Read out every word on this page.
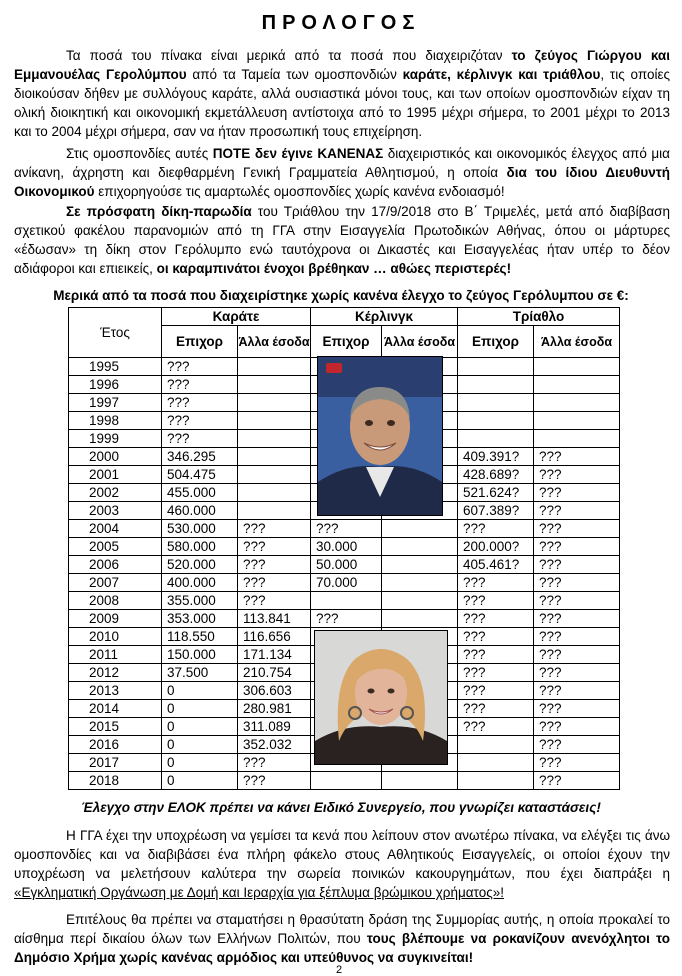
ΠΡΟΛΟΓΟΣ
Τα ποσά του πίνακα είναι μερικά από τα ποσά που διαχειριζόταν το ζεύγος Γιώργου και Εμμανουέλας Γερολύμπου από τα Ταμεία των ομοσπονδιών καράτε, κέρλινγκ και τριάθλου, τις οποίες διοικούσαν δήθεν με συλλόγους καράτε, αλλά ουσιαστικά μόνοι τους, και των οποίων ομοσπονδιών είχαν τη ολική διοικητική και οικονομική εκμετάλλευση αντίστοιχα από το 1995 μέχρι σήμερα, το 2001 μέχρι το 2013 και το 2004 μέχρι σήμερα, σαν να ήταν προσωπική τους επιχείρηση.
Στις ομοσπονδίες αυτές ΠΟΤΕ δεν έγινε ΚΑΝΕΝΑΣ διαχειριστικός και οικονομικός έλεγχος από μια ανίκανη, άχρηστη και διεφθαρμένη Γενική Γραμματεία Αθλητισμού, η οποία δια του ίδιου Διευθυντή Οικονομικού επιχορηγούσε τις αμαρτωλές ομοσπονδίες χωρίς κανένα ενδοιασμό!
Σε πρόσφατη δίκη-παρωδία του Τριάθλου την 17/9/2018 στο Β΄ Τριμελές, μετά από διαβίβαση σχετικού φακέλου παρανομιών από τη ΓΓΑ στην Εισαγγελία Πρωτοδικών Αθήνας, όπου οι μάρτυρες «έδωσαν» τη δίκη στον Γερόλυμπο ενώ ταυτόχρονα οι Δικαστές και Εισαγγελέας ήταν υπέρ το δέον αδιάφοροι και επιεικείς, οι καραμπινάτοι ένοχοι βρέθηκαν … αθώες περιστερές!
Μερικά από τα ποσά που διαχειρίστηκε χωρίς κανένα έλεγχο το ζεύγος Γερόλυμπου σε €:
Έτος	Καράτε		Κέρλινγκ		Τρίαθλο	
	Επιχορ	Άλλα έσοδα	Επιχορ	Άλλα έσοδα	Επιχορ	Άλλα έσοδα
1995	???					
1996	???					
1997	???					
1998	???					
1999	???					
2000	346.295				409.391?	???
2001	504.475				428.689?	???
2002	455.000				521.624?	???
2003	460.000				607.389?	???
2004	530.000	???	???		???	???
2005	580.000	???	30.000		200.000?	???
2006	520.000	???	50.000		405.461?	???
2007	400.000	???	70.000		???	???
2008	355.000	???			???	???
2009	353.000	113.841	???		???	???
2010	118.550	116.656			???	???
2011	150.000	171.134			???	???
2012	37.500	210.754			???	???
2013	0	306.603			???	???
2014	0	280.981			???	???
2015	0	311.089			???	???
2016	0	352.032				???
2017	0	???				???
2018	0	???				???
Έλεγχο στην ΕΛΟΚ πρέπει να κάνει Ειδικό Συνεργείο, που γνωρίζει καταστάσεις!
Η ΓΓΑ έχει την υποχρέωση να γεμίσει τα κενά που λείπουν στον ανωτέρω πίνακα, να ελέγξει τις άνω ομοσπονδίες και να διαβιβάσει ένα πλήρη φάκελο στους Αθλητικούς Εισαγγελείς, οι οποίοι έχουν την υποχρέωση να μελετήσουν καλύτερα την σωρεία ποινικών κακουργημάτων, που έχει διαπράξει η «Εγκληματική Οργάνωση με Δομή και Ιεραρχία για ξέπλυμα βρώμικου χρήματος»!
Επιτέλους θα πρέπει να σταματήσει η θρασύτατη δράση της Συμμορίας αυτής, η οποία προκαλεί το αίσθημα περί δικαίου όλων των Ελλήνων Πολιτών, που τους βλέπουμε να ροκανίζουν ανενόχλητοι το Δημόσιο Χρήμα χωρίς κανένας αρμόδιος και υπεύθυνος να συγκινείται!
2
